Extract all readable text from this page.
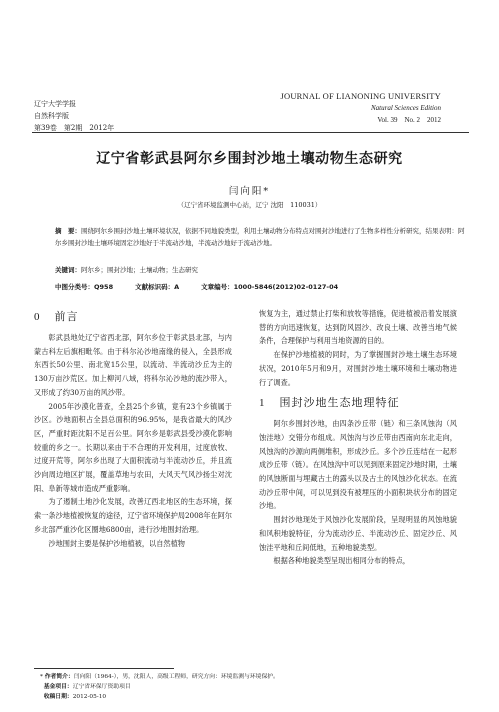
辽宁大学学报
自然科学版
第39卷　第2期　2012年
JOURNAL OF LIANONING UNIVERSITY
Natural Sciences Edition
Vol. 39　No. 2　2012
辽宁省彰武县阿尔乡围封沙地土壤动物生态研究
闫向阳*
（辽宁省环境监测中心站，辽宁 沈阳　110031）
摘　要：围绕阿尔乡围封沙地土壤环境状况，依据不同地貌类型，利用土壤动物分布特点对围封沙地进行了生物多样性分析研究，结果表明：阿尔乡围封沙地土壤环境固定沙地好于半流动沙地，半流动沙地好于流动沙地。
关键词：阿尔乡；围封沙地；土壤动物；生态研究
中图分类号：Q958	文献标识码：A	文章编号：1000-5846(2012)02-0127-04
0 前言

彰武县地处辽宁省西北部，阿尔乡位于彰武县北部，与内蒙古科左后旗相毗邻。由于科尔沁沙地南缘的侵入，全县形成东西长50公里、南北宽15公里，以流动、半流动沙丘为主的130万亩沙荒区。加上柳河八域，将科尔沁沙地的流沙带入，又形成了约30万亩的风沙带。

2005年沙漠化普查，全县25个乡镇，竟有23个乡镇属于沙区。沙地面积占全县总面积的96.95%，是我省最大的风沙区，严重时距沈阳不足百公里。阿尔乡是彰武县受沙漠化影响较重的乡之一。长期以来由于不合理的开发利用，过度放牧、过度开荒等，阿尔乡出现了大面积流动与半流动沙丘，并且流沙向周边地区扩展，覆盖草地与农田，大风天气风沙扬尘对沈阳、阜新等城市造成严重影响。

为了遏制土地沙化发展，改善辽西北地区的生态环境，探索一条沙地植被恢复的途径，辽宁省环境保护局2008年在阿尔乡北部严重沙化区圈地6800亩，进行沙地围封治理。

沙地围封主要是保护沙地植被，以自然植物

恢复为主，通过禁止打柴和放牧等措施，促进植被沿着发展演替的方向迅速恢复，达到防风固沙、改良土壤、改善当地气候条件，合理保护与利用当地资源的目的。

在保护沙地植被的同时，为了掌握围封沙地土壤生态环境状况，2010年5月和9月，对围封沙地土壤环境和土壤动物进行了调查。

1 围封沙地生态地理特征

阿尔乡围封沙地，由四条沙丘带（链）和三条风蚀沟（风蚀洼地）交错分布组成。风蚀沟与沙丘带由西南向东北走向，风蚀沟的沙源向两侧堆积，形成沙丘。多个沙丘连结在一起形成沙丘带（链）。在风蚀沟中可以见到原来固定沙地时期，土壤的风蚀断面与埋藏古土的露头以及古土的风蚀沙化状态。在流动沙丘带中间，可以见到没有被埋压的小面积块状分布的固定沙地。

围封沙地现处于风蚀沙化发展阶段，呈现明显的风蚀地貌和风积地貌特征，分为流动沙丘、半流动沙丘、固定沙丘、风蚀洼平地和丘间低地，五种地貌类型。

根据各种地貌类型呈现出相同分布的特点，

* 作者简介：闫向阳（1964-），男，沈阳人，高级工程师，研究方向：环境监测与环境保护。
基金项目：辽宁省环保厅资助项目
收稿日期：2012-05-10
